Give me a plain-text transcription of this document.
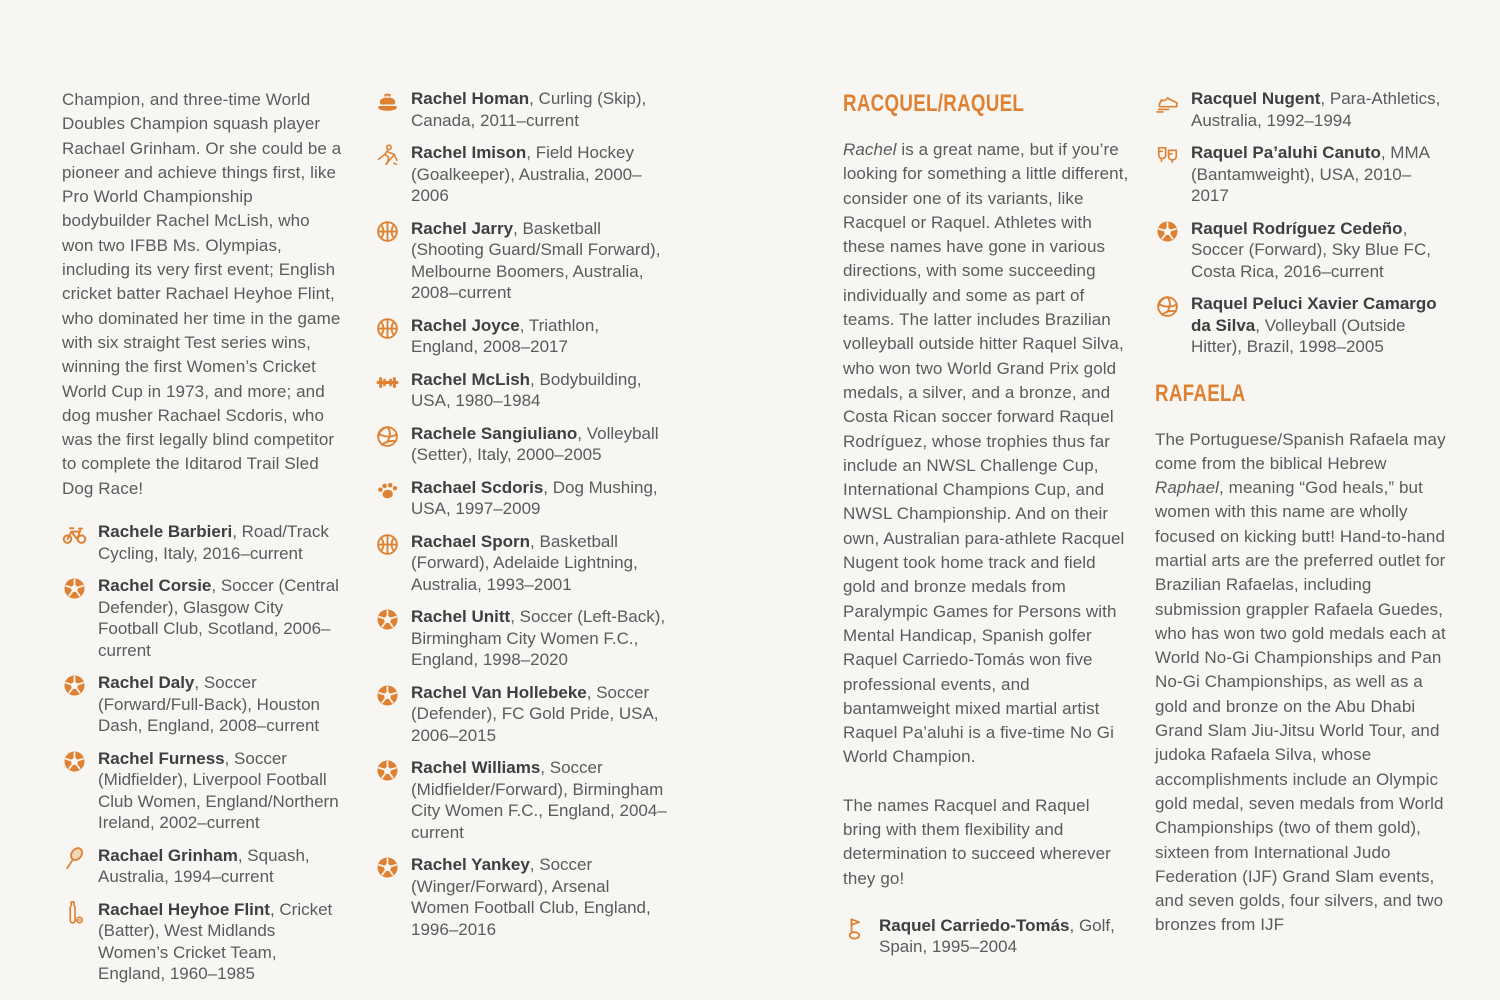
Champion, and three-time World Doubles Champion squash player Rachael Grinham. Or she could be a pioneer and achieve things first, like Pro World Championship bodybuilder Rachel McLish, who won two IFBB Ms. Olympias, including its very first event; English cricket batter Rachael Heyhoe Flint, who dominated her time in the game with six straight Test series wins, winning the first Women’s Cricket World Cup in 1973, and more; and dog musher Rachael Scdoris, who was the first legally blind competitor to complete the Iditarod Trail Sled Dog Race!

Rachele Barbieri, Road/Track Cycling, Italy, 2016–current
Rachel Corsie, Soccer (Central Defender), Glasgow City Football Club, Scotland, 2006–current
Rachel Daly, Soccer (Forward/Full-Back), Houston Dash, England, 2008–current
Rachel Furness, Soccer (Midfielder), Liverpool Football Club Women, England/Northern Ireland, 2002–current
Rachael Grinham, Squash, Australia, 1994–current
Rachael Heyhoe Flint, Cricket (Batter), West Midlands Women’s Cricket Team, England, 1960–1985
Rachel Homan, Curling (Skip), Canada, 2011–current
Rachel Imison, Field Hockey (Goalkeeper), Australia, 2000–2006
Rachel Jarry, Basketball (Shooting Guard/Small Forward), Melbourne Boomers, Australia, 2008–current
Rachel Joyce, Triathlon, England, 2008–2017
Rachel McLish, Bodybuilding, USA, 1980–1984
Rachele Sangiuliano, Volleyball (Setter), Italy, 2000–2005
Rachael Scdoris, Dog Mushing, USA, 1997–2009
Rachael Sporn, Basketball (Forward), Adelaide Lightning, Australia, 1993–2001
Rachel Unitt, Soccer (Left-Back), Birmingham City Women F.C., England, 1998–2020
Rachel Van Hollebeke, Soccer (Defender), FC Gold Pride, USA, 2006–2015
Rachel Williams, Soccer (Midfielder/Forward), Birmingham City Women F.C., England, 2004–current
Rachel Yankey, Soccer (Winger/Forward), Arsenal Women Football Club, England, 1996–2016
RACQUEL/RAQUEL

Rachel is a great name, but if you’re looking for something a little different, consider one of its variants, like Racquel or Raquel. Athletes with these names have gone in various directions, with some succeeding individually and some as part of teams. The latter includes Brazilian volleyball outside hitter Raquel Silva, who won two World Grand Prix gold medals, a silver, and a bronze, and Costa Rican soccer forward Raquel Rodríguez, whose trophies thus far include an NWSL Challenge Cup, International Champions Cup, and NWSL Championship. And on their own, Australian para-athlete Racquel Nugent took home track and field gold and bronze medals from Paralympic Games for Persons with Mental Handicap, Spanish golfer Raquel Carriedo-Tomás won five professional events, and bantamweight mixed martial artist Raquel Pa’aluhi is a five-time No Gi World Champion.

The names Racquel and Raquel bring with them flexibility and determination to succeed wherever they go!

Raquel Carriedo-Tomás, Golf, Spain, 1995–2004
Racquel Nugent, Para-Athletics, Australia, 1992–1994
Raquel Pa’aluhi Canuto, MMA (Bantamweight), USA, 2010–2017
Raquel Rodríguez Cedeño, Soccer (Forward), Sky Blue FC, Costa Rica, 2016–current
Raquel Peluci Xavier Camargo da Silva, Volleyball (Outside Hitter), Brazil, 1998–2005
RAFAELA

The Portuguese/Spanish Rafaela may come from the biblical Hebrew Raphael, meaning “God heals,” but women with this name are wholly focused on kicking butt! Hand-to-hand martial arts are the preferred outlet for Brazilian Rafaelas, including submission grappler Rafaela Guedes, who has won two gold medals each at World No-Gi Championships and Pan No-Gi Championships, as well as a gold and bronze on the Abu Dhabi Grand Slam Jiu-Jitsu World Tour, and judoka Rafaela Silva, whose accomplishments include an Olympic gold medal, seven medals from World Championships (two of them gold), sixteen from International Judo Federation (IJF) Grand Slam events, and seven golds, four silvers, and two bronzes from IJF
